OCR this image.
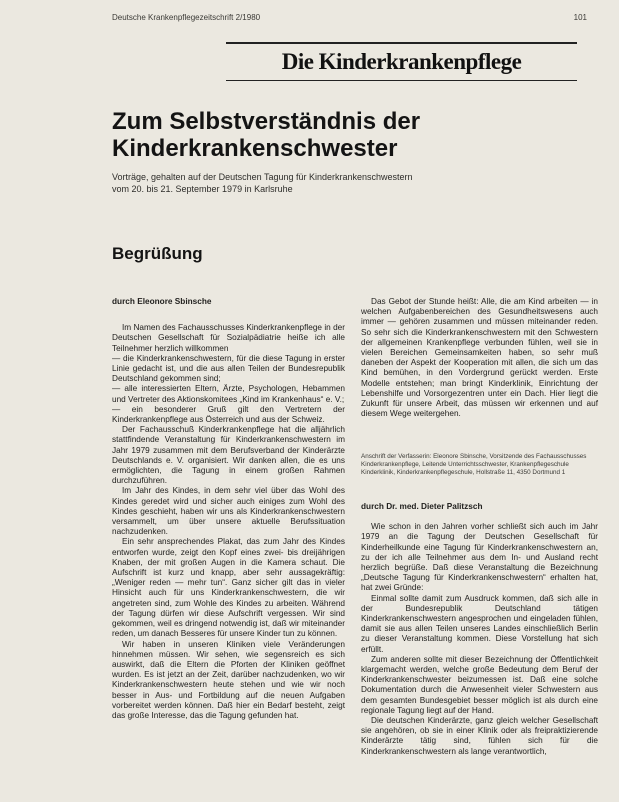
Deutsche Krankenpflegezeitschrift 2/1980	101
Die Kinderkrankenpflege
Zum Selbstverständnis der
Kinderkrankenschwester

Vorträge, gehalten auf der Deutschen Tagung für Kinderkrankenschwestern
vom 20. bis 21. September 1979 in Karlsruhe

Begrüßung

durch Eleonore Sbinsche

Im Namen des Fachausschusses Kinderkrankenpflege in der Deutschen Gesellschaft für Sozialpädiatrie heiße ich alle Teilnehmer herzlich willkommen

— die Kinderkrankenschwestern, für die diese Tagung in erster Linie gedacht ist, und die aus allen Teilen der Bundesrepublik Deutschland gekommen sind;

— alle interessierten Eltern, Ärzte, Psychologen, Hebammen und Vertreter des Aktionskomitees „Kind im Krankenhaus“ e. V.;

— ein besonderer Gruß gilt den Vertretern der Kinderkrankenpflege aus Österreich und aus der Schweiz.

Der Fachausschuß Kinderkrankenpflege hat die alljährlich stattfindende Veranstaltung für Kinderkrankenschwestern im Jahr 1979 zusammen mit dem Berufsverband der Kinderärzte Deutschlands e. V. organisiert. Wir danken allen, die es uns ermöglichten, die Tagung in einem großen Rahmen durchzuführen.

Im Jahr des Kindes, in dem sehr viel über das Wohl des Kindes geredet wird und sicher auch einiges zum Wohl des Kindes geschieht, haben wir uns als Kinderkrankenschwestern versammelt, um über unsere aktuelle Berufssituation nachzudenken.

Ein sehr ansprechendes Plakat, das zum Jahr des Kindes entworfen wurde, zeigt den Kopf eines zwei- bis dreijährigen Knaben, der mit großen Augen in die Kamera schaut. Die Aufschrift ist kurz und knapp, aber sehr aussagekräftig: „Weniger reden — mehr tun“. Ganz sicher gilt das in vieler Hinsicht auch für uns Kinderkrankenschwestern, die wir angetreten sind, zum Wohle des Kindes zu arbeiten. Während der Tagung dürfen wir diese Aufschrift vergessen. Wir sind gekommen, weil es dringend notwendig ist, daß wir miteinander reden, um danach Besseres für unsere Kinder tun zu können.

Wir haben in unseren Kliniken viele Veränderungen hinnehmen müssen. Wir sehen, wie segensreich es sich auswirkt, daß die Eltern die Pforten der Kliniken geöffnet wurden. Es ist jetzt an der Zeit, darüber nachzudenken, wo wir Kinderkrankenschwestern heute stehen und wie wir noch besser in Aus- und Fortbildung auf die neuen Aufgaben vorbereitet werden können. Daß hier ein Bedarf besteht, zeigt das große Interesse, das die Tagung gefunden hat.

Das Gebot der Stunde heißt: Alle, die am Kind arbeiten — in welchen Aufgabenbereichen des Gesundheitswesens auch immer — gehören zusammen und müssen miteinander reden. So sehr sich die Kinderkrankenschwestern mit den Schwestern der allgemeinen Krankenpflege verbunden fühlen, weil sie in vielen Bereichen Gemeinsamkeiten haben, so sehr muß daneben der Aspekt der Kooperation mit allen, die sich um das Kind bemühen, in den Vordergrund gerückt werden. Erste Modelle entstehen; man bringt Kinderklinik, Einrichtung der Lebenshilfe und Vorsorgezentren unter ein Dach. Hier liegt die Zukunft für unsere Arbeit, das müssen wir erkennen und auf diesem Wege weitergehen.

Anschrift der Verfasserin: Eleonore Sbinsche, Vorsitzende des Fachausschusses Kinderkrankenpflege, Leitende Unterrichtsschwester, Krankenpflegeschule Kinderklinik, Kinderkrankenpflegeschule, Hollstraße 11, 4350 Dortmund 1

durch Dr. med. Dieter Palitzsch

Wie schon in den Jahren vorher schließt sich auch im Jahr 1979 an die Tagung der Deutschen Gesellschaft für Kinderheilkunde eine Tagung für Kinderkrankenschwestern an, zu der ich alle Teilnehmer aus dem In- und Ausland recht herzlich begrüße. Daß diese Veranstaltung die Bezeichnung „Deutsche Tagung für Kinderkrankenschwestern“ erhalten hat, hat zwei Gründe:

Einmal sollte damit zum Ausdruck kommen, daß sich alle in der Bundesrepublik Deutschland tätigen Kinderkrankenschwestern angesprochen und eingeladen fühlen, damit sie aus allen Teilen unseres Landes einschließlich Berlin zu dieser Veranstaltung kommen. Diese Vorstellung hat sich erfüllt.

Zum anderen sollte mit dieser Bezeichnung der Öffentlichkeit klargemacht werden, welche große Bedeutung dem Beruf der Kinderkrankenschwester beizumessen ist. Daß eine solche Dokumentation durch die Anwesenheit vieler Schwestern aus dem gesamten Bundesgebiet besser möglich ist als durch eine regionale Tagung liegt auf der Hand.

Die deutschen Kinderärzte, ganz gleich welcher Gesellschaft sie angehören, ob sie in einer Klinik oder als freipraktizierende Kinderärzte tätig sind, fühlen sich für die Kinderkrankenschwestern als lange verantwortlich,
